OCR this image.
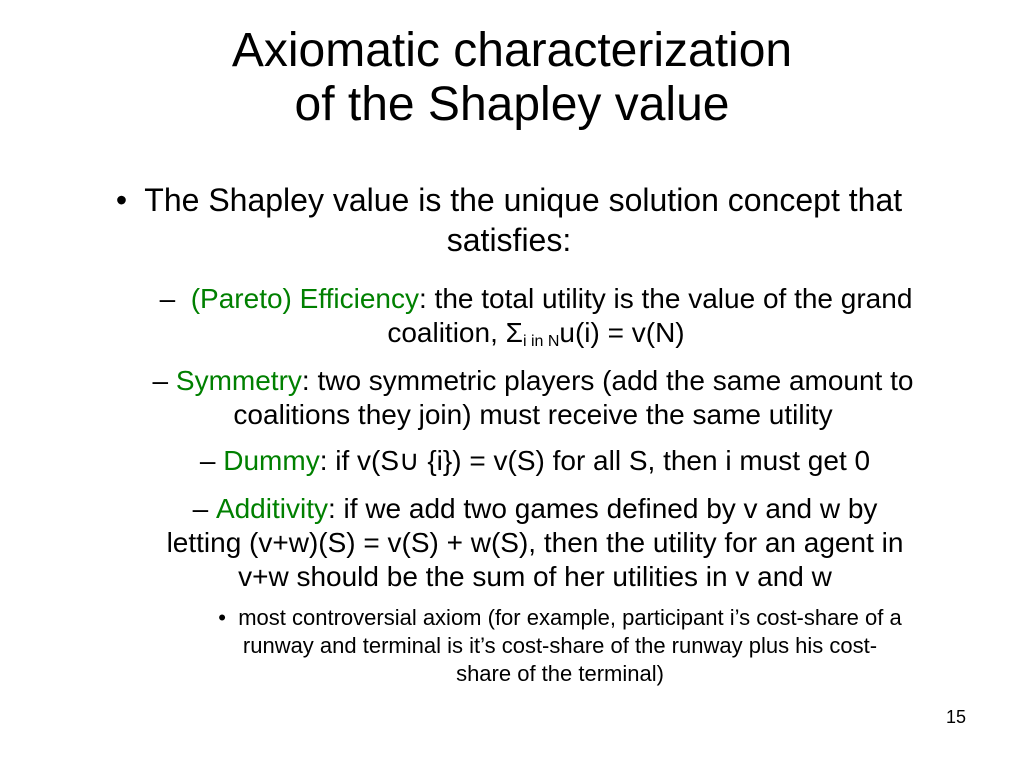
Axiomatic characterization
of the Shapley value
• The Shapley value is the unique solution concept that
satisfies:
– (Pareto) Efficiency: the total utility is the value of the grand
coalition, $\Sigma_{i in N}u(i) = v(N)$
– Symmetry: two symmetric players (add the same amount to
coalitions they join) must receive the same utility
– Dummy: if v(S∪ {i}) = v(S) for all S, then i must get 0
– Additivity: if we add two games defined by v and w by
letting (v+w)(S) = v(S) + w(S), then the utility for an agent in
v+w should be the sum of her utilities in v and w
• most controversial axiom (for example, participant i’s cost-share of a
runway and terminal is it’s cost-share of the runway plus his cost-
share of the terminal)
15
